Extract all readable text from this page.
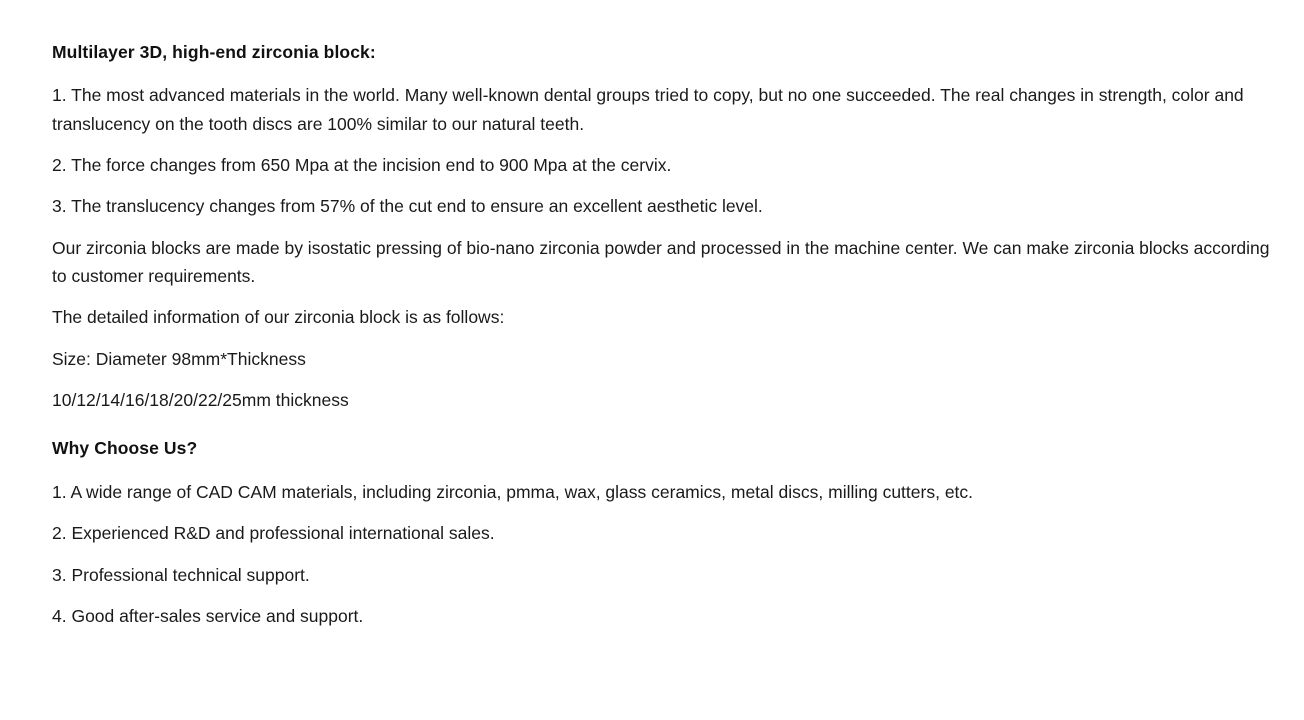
Multilayer 3D, high-end zirconia block:

1. The most advanced materials in the world. Many well-known dental groups tried to copy, but no one succeeded. The real changes in strength, color and translucency on the tooth discs are 100% similar to our natural teeth.

2. The force changes from 650 Mpa at the incision end to 900 Mpa at the cervix.

3. The translucency changes from 57% of the cut end to ensure an excellent aesthetic level.

Our zirconia blocks are made by isostatic pressing of bio-nano zirconia powder and processed in the machine center. We can make zirconia blocks according to customer requirements.

The detailed information of our zirconia block is as follows:

Size: Diameter 98mm*Thickness

10/12/14/16/18/20/22/25mm thickness

Why Choose Us?

1. A wide range of CAD CAM materials, including zirconia, pmma, wax, glass ceramics, metal discs, milling cutters, etc.

2. Experienced R&D and professional international sales.

3. Professional technical support.

4. Good after-sales service and support.
